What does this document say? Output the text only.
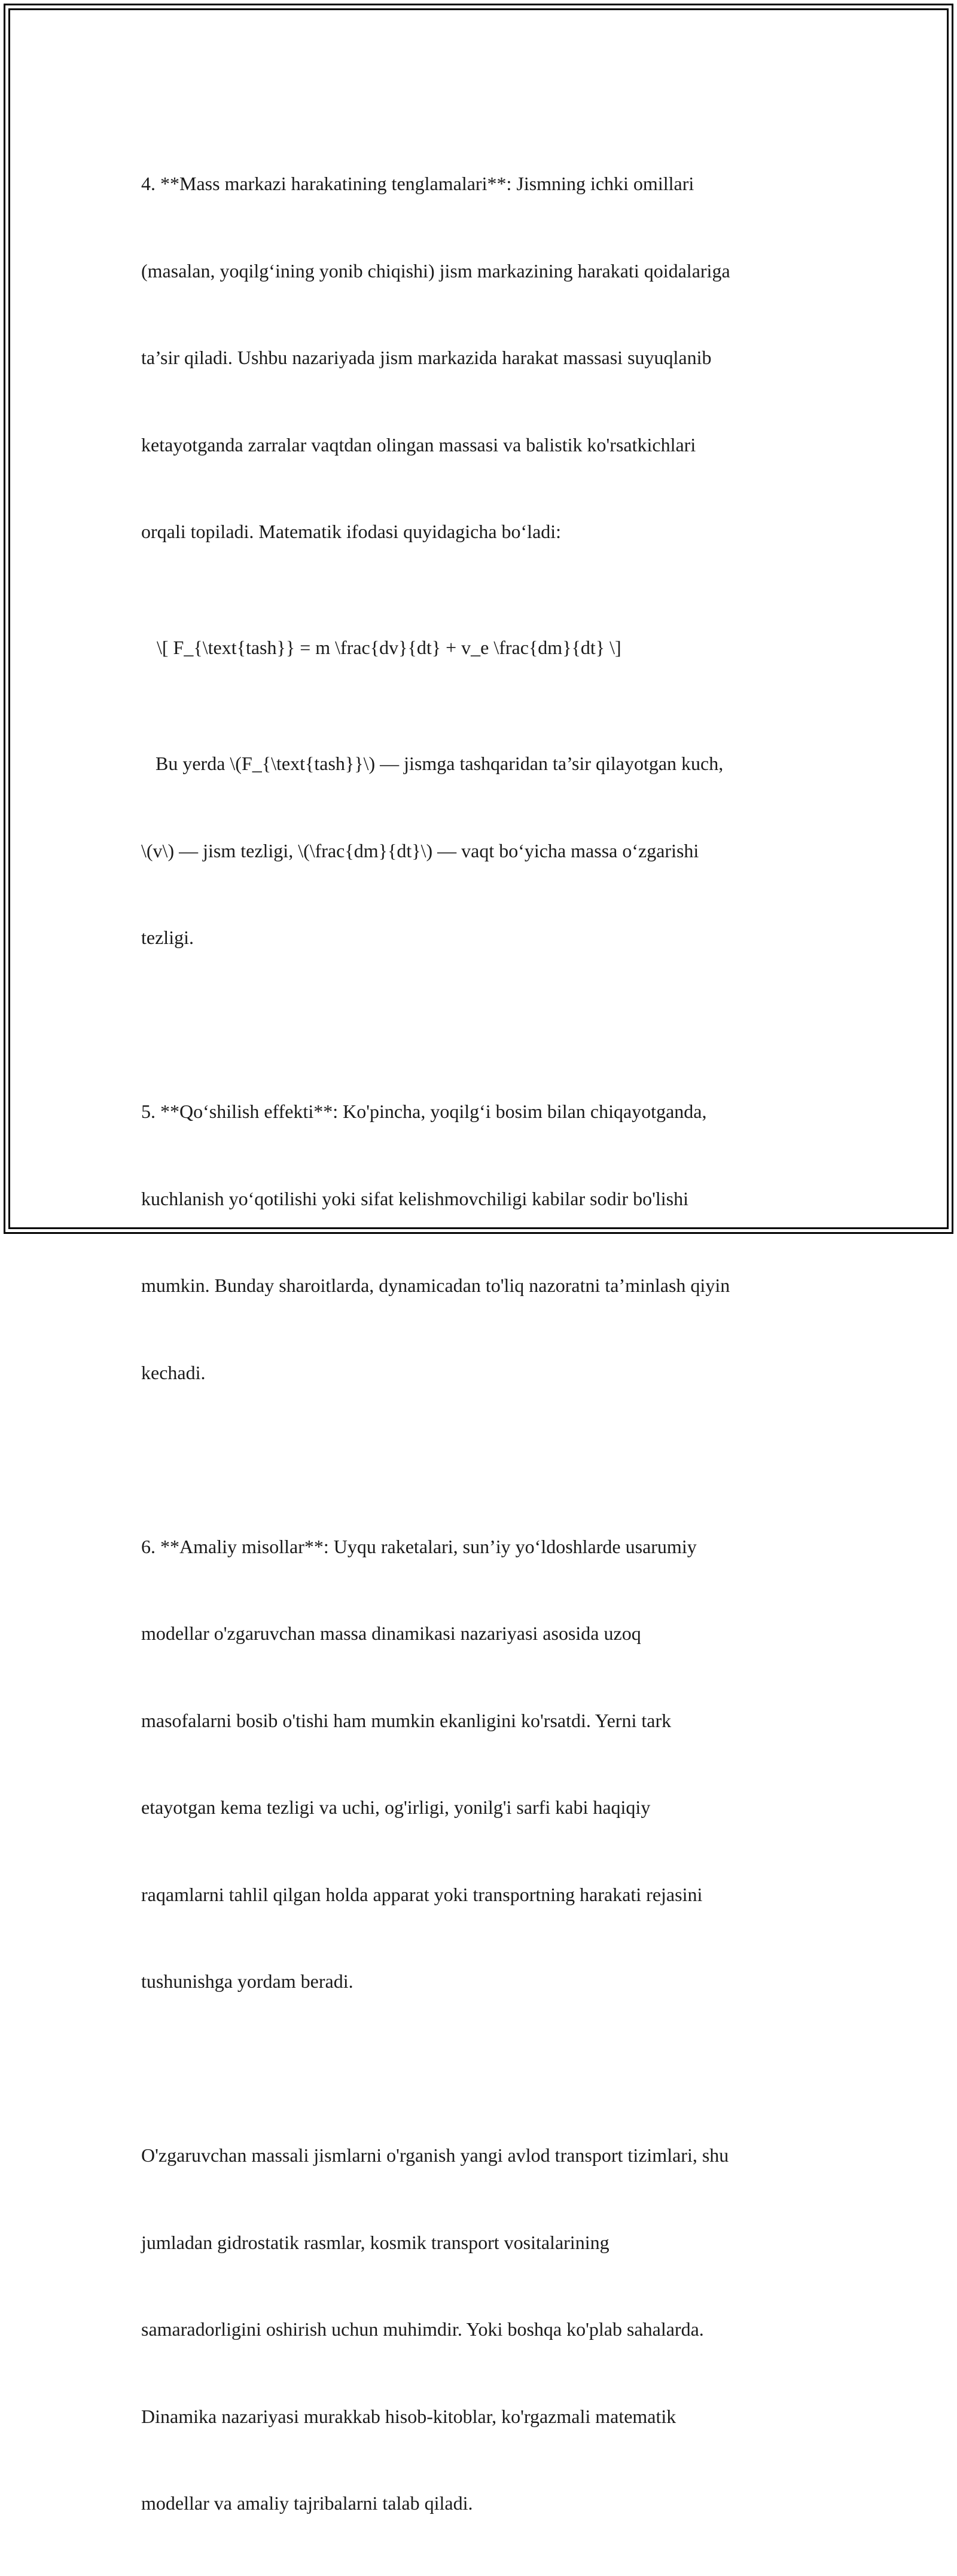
4. **Mass markazi harakatining tenglamalari**: Jismning ichki omillari

(masalan, yoqilg‘ining yonib chiqishi) jism markazining harakati qoidalariga

ta’sir qiladi. Ushbu nazariyada jism markazida harakat massasi suyuqlanib

ketayotganda zarralar vaqtdan olingan massasi va balistik ko'rsatkichlari

orqali topiladi. Matematik ifodasi quyidagicha bo‘ladi:

\[ F_{\text{tash}} = m \frac{dv}{dt} + v_e \frac{dm}{dt} \]

Bu yerda \(F_{\text{tash}}\) — jismga tashqaridan ta’sir qilayotgan kuch,

\(v\) — jism tezligi, \(\frac{dm}{dt}\) — vaqt bo‘yicha massa o‘zgarishi

tezligi.

5. **Qo‘shilish effekti**: Ko'pincha, yoqilg‘i bosim bilan chiqayotganda,

kuchlanish yo‘qotilishi yoki sifat kelishmovchiligi kabilar sodir bo'lishi

mumkin. Bunday sharoitlarda, dynamicadan to'liq nazoratni ta’minlash qiyin

kechadi.

6. **Amaliy misollar**: Uyqu raketalari, sun’iy yo‘ldoshlarde usarumiy

modellar o'zgaruvchan massa dinamikasi nazariyasi asosida uzoq

masofalarni bosib o'tishi ham mumkin ekanligini ko'rsatdi. Yerni tark

etayotgan kema tezligi va uchi, og'irligi, yonilg'i sarfi kabi haqiqiy

raqamlarni tahlil qilgan holda apparat yoki transportning harakati rejasini

tushunishga yordam beradi.

O'zgaruvchan massali jismlarni o'rganish yangi avlod transport tizimlari, shu

jumladan gidrostatik rasmlar, kosmik transport vositalarining

samaradorligini oshirish uchun muhimdir. Yoki boshqa ko'plab sahalarda.

Dinamika nazariyasi murakkab hisob-kitoblar, ko'rgazmali matematik

modellar va amaliy tajribalarni talab qiladi.
